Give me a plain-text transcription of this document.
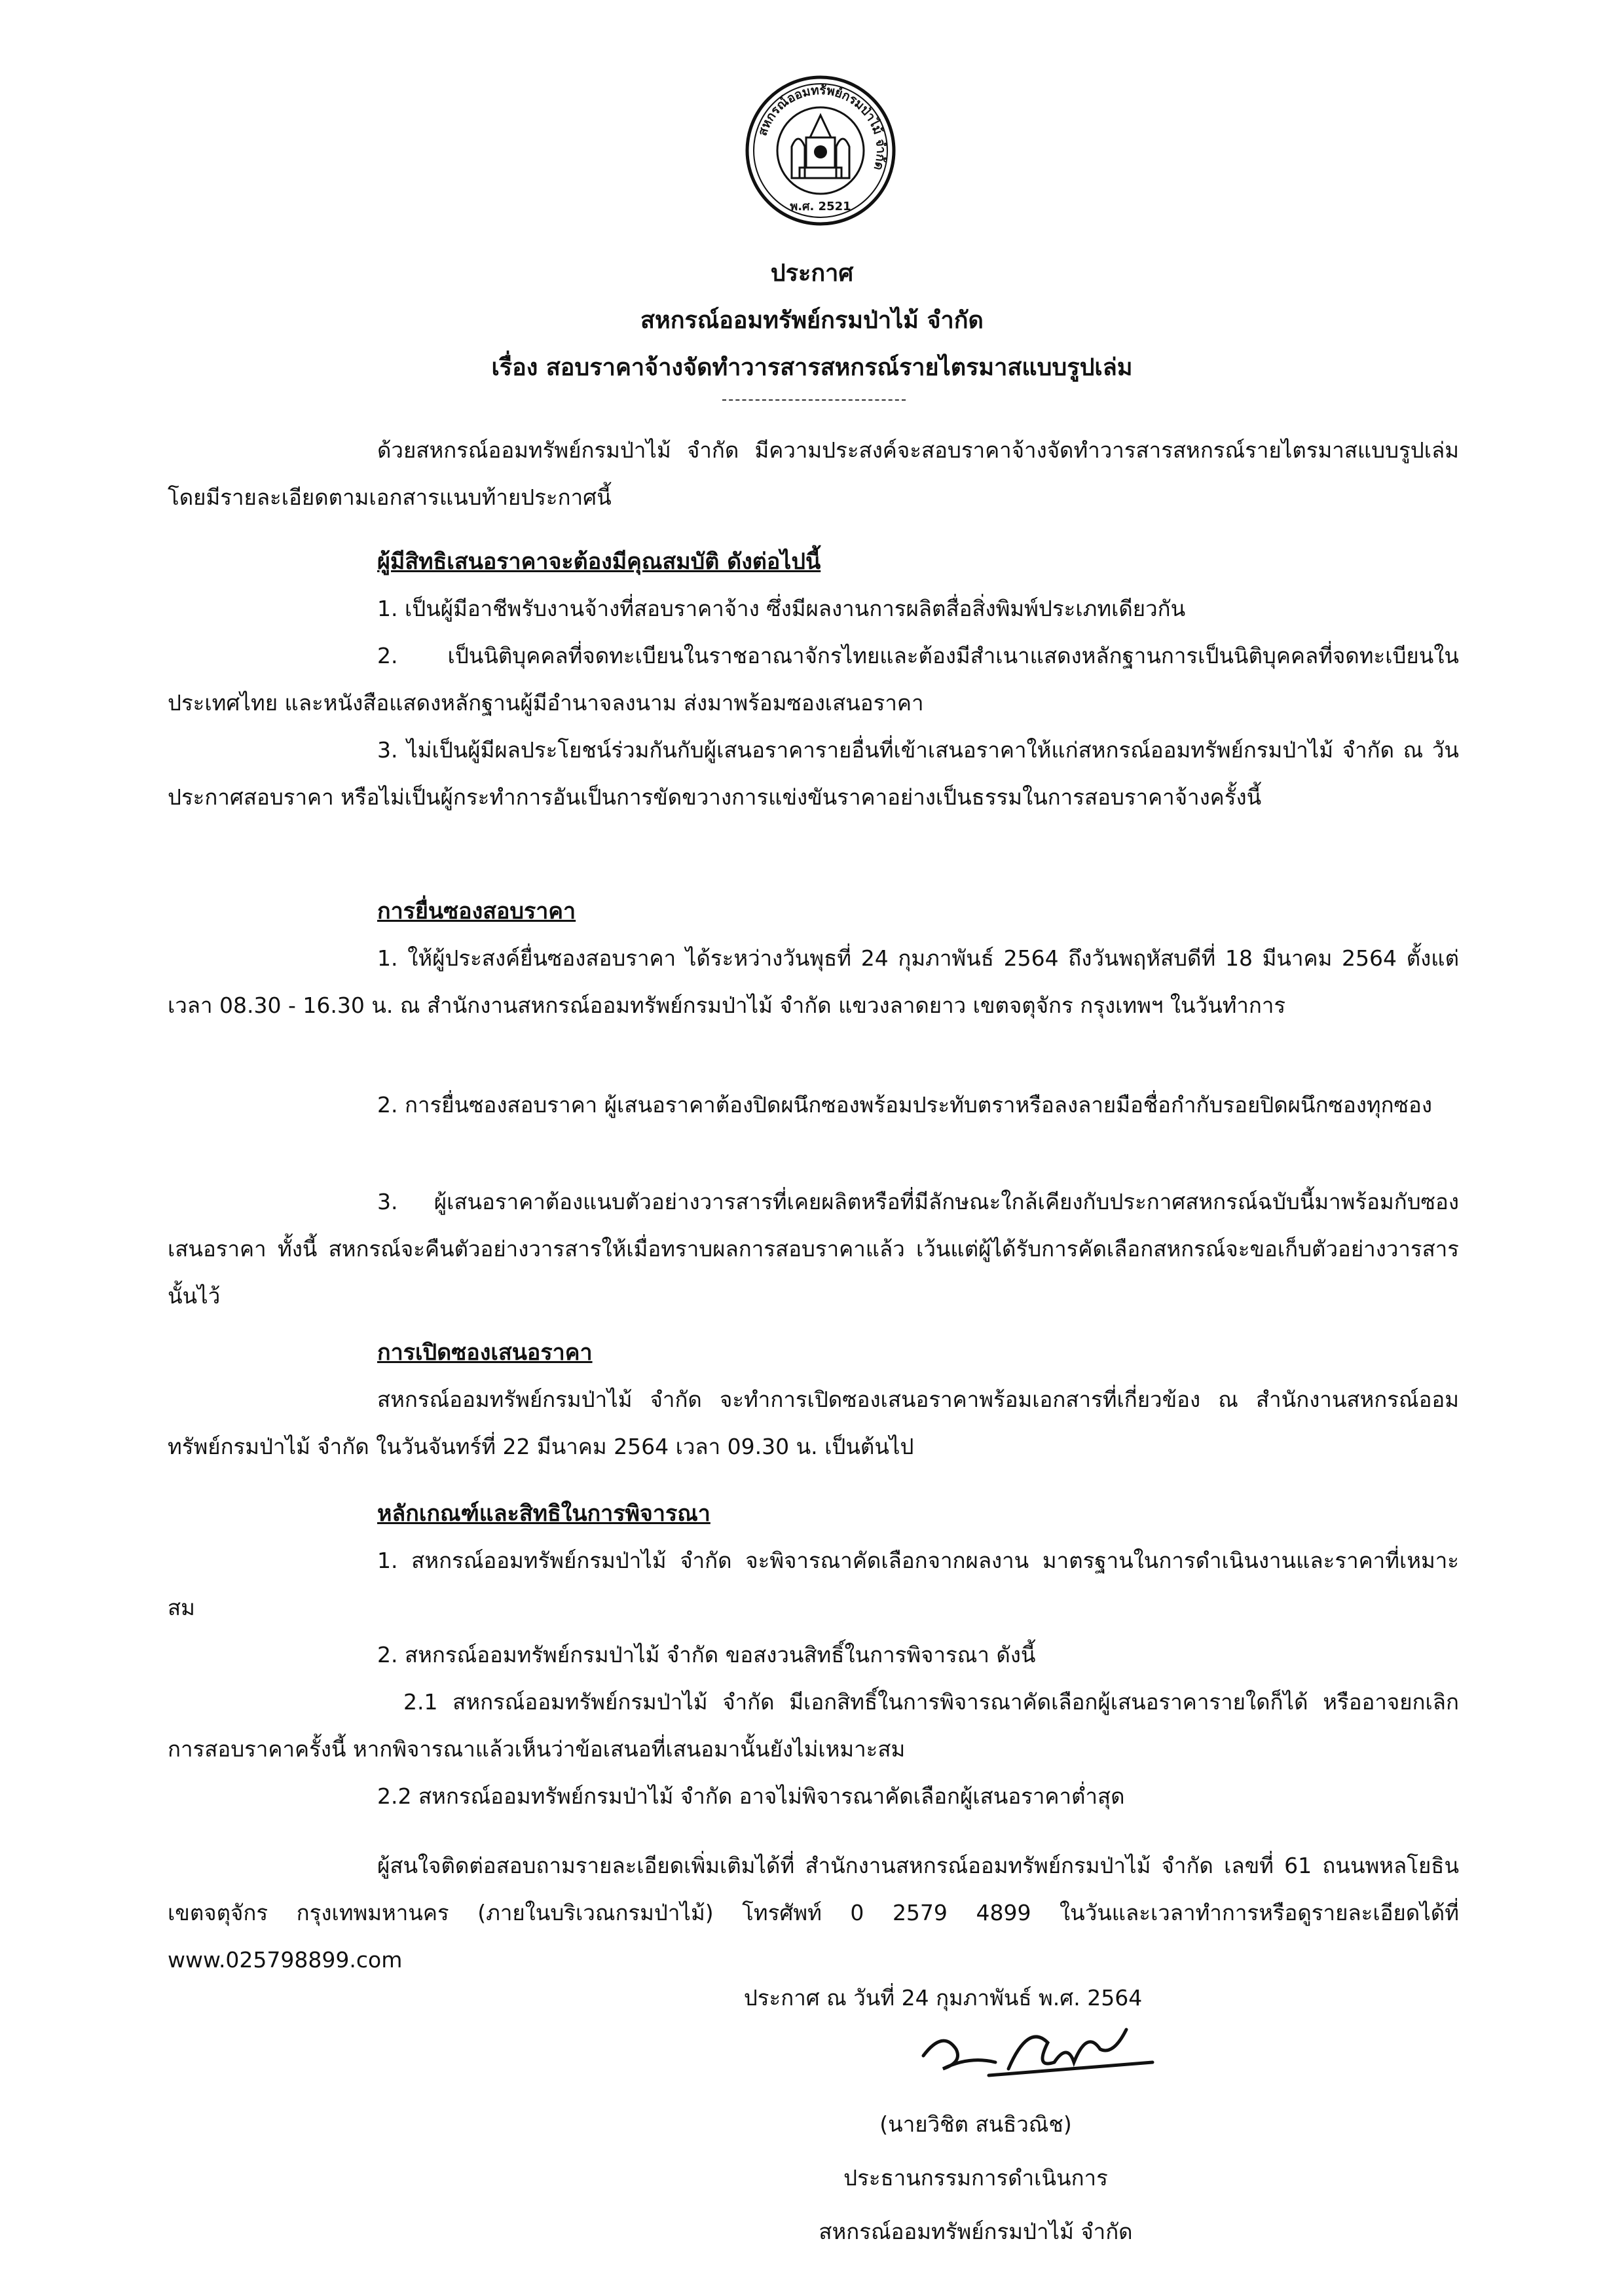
สหกรณ์ออมทรัพย์กรมป่าไม้ จำกัด
พ.ศ. 2521
ประกาศ
สหกรณ์ออมทรัพย์กรมป่าไม้ จำกัด
เรื่อง สอบราคาจ้างจัดทำวารสารสหกรณ์รายไตรมาสแบบรูปเล่ม

ด้วยสหกรณ์ออมทรัพย์กรมป่าไม้ จำกัด มีความประสงค์จะสอบราคาจ้างจัดทำวารสารสหกรณ์รายไตรมาสแบบรูปเล่ม โดยมีรายละเอียดตามเอกสารแนบท้ายประกาศนี้

ผู้มีสิทธิเสนอราคาจะต้องมีคุณสมบัติ ดังต่อไปนี้

1. เป็นผู้มีอาชีพรับงานจ้างที่สอบราคาจ้าง ซึ่งมีผลงานการผลิตสื่อสิ่งพิมพ์ประเภทเดียวกัน

2. เป็นนิติบุคคลที่จดทะเบียนในราชอาณาจักรไทยและต้องมีสำเนาแสดงหลักฐานการเป็นนิติบุคคลที่จดทะเบียนในประเทศไทย และหนังสือแสดงหลักฐานผู้มีอำนาจลงนาม ส่งมาพร้อมซองเสนอราคา

3. ไม่เป็นผู้มีผลประโยชน์ร่วมกันกับผู้เสนอราคารายอื่นที่เข้าเสนอราคาให้แก่สหกรณ์ออมทรัพย์กรมป่าไม้ จำกัด ณ วันประกาศสอบราคา หรือไม่เป็นผู้กระทำการอันเป็นการขัดขวางการแข่งขันราคาอย่างเป็นธรรมในการสอบราคาจ้างครั้งนี้

การยื่นซองสอบราคา

1. ให้ผู้ประสงค์ยื่นซองสอบราคา ได้ระหว่างวันพุธที่ 24 กุมภาพันธ์ 2564 ถึงวันพฤหัสบดีที่ 18 มีนาคม 2564 ตั้งแต่เวลา 08.30 - 16.30 น. ณ สำนักงานสหกรณ์ออมทรัพย์กรมป่าไม้ จำกัด แขวงลาดยาว เขตจตุจักร กรุงเทพฯ ในวันทำการ

2. การยื่นซองสอบราคา ผู้เสนอราคาต้องปิดผนึกซองพร้อมประทับตราหรือลงลายมือชื่อกำกับรอยปิดผนึกซองทุกซอง

3. ผู้เสนอราคาต้องแนบตัวอย่างวารสารที่เคยผลิตหรือที่มีลักษณะใกล้เคียงกับประกาศสหกรณ์ฉบับนี้มาพร้อมกับซองเสนอราคา ทั้งนี้ สหกรณ์จะคืนตัวอย่างวารสารให้เมื่อทราบผลการสอบราคาแล้ว เว้นแต่ผู้ได้รับการคัดเลือกสหกรณ์จะขอเก็บตัวอย่างวารสารนั้นไว้

การเปิดซองเสนอราคา

สหกรณ์ออมทรัพย์กรมป่าไม้ จำกัด จะทำการเปิดซองเสนอราคาพร้อมเอกสารที่เกี่ยวข้อง ณ สำนักงานสหกรณ์ออมทรัพย์กรมป่าไม้ จำกัด ในวันจันทร์ที่ 22 มีนาคม 2564 เวลา 09.30 น. เป็นต้นไป

หลักเกณฑ์และสิทธิในการพิจารณา

1. สหกรณ์ออมทรัพย์กรมป่าไม้ จำกัด จะพิจารณาคัดเลือกจากผลงาน มาตรฐานในการดำเนินงานและราคาที่เหมาะสม

2. สหกรณ์ออมทรัพย์กรมป่าไม้ จำกัด ขอสงวนสิทธิ์ในการพิจารณา ดังนี้

2.1 สหกรณ์ออมทรัพย์กรมป่าไม้ จำกัด มีเอกสิทธิ์ในการพิจารณาคัดเลือกผู้เสนอราคารายใดก็ได้ หรืออาจยกเลิกการสอบราคาครั้งนี้ หากพิจารณาแล้วเห็นว่าข้อเสนอที่เสนอมานั้นยังไม่เหมาะสม

2.2 สหกรณ์ออมทรัพย์กรมป่าไม้ จำกัด อาจไม่พิจารณาคัดเลือกผู้เสนอราคาต่ำสุด

ผู้สนใจติดต่อสอบถามรายละเอียดเพิ่มเติมได้ที่ สำนักงานสหกรณ์ออมทรัพย์กรมป่าไม้ จำกัด เลขที่ 61 ถนนพหลโยธิน เขตจตุจักร กรุงเทพมหานคร (ภายในบริเวณกรมป่าไม้) โทรศัพท์ 0 2579 4899 ในวันและเวลาทำการหรือดูรายละเอียดได้ที่ www.025798899.com

ประกาศ ณ วันที่ 24 กุมภาพันธ์ พ.ศ. 2564
(นายวิชิต สนธิวณิช)
ประธานกรรมการดำเนินการ
สหกรณ์ออมทรัพย์กรมป่าไม้ จำกัด
